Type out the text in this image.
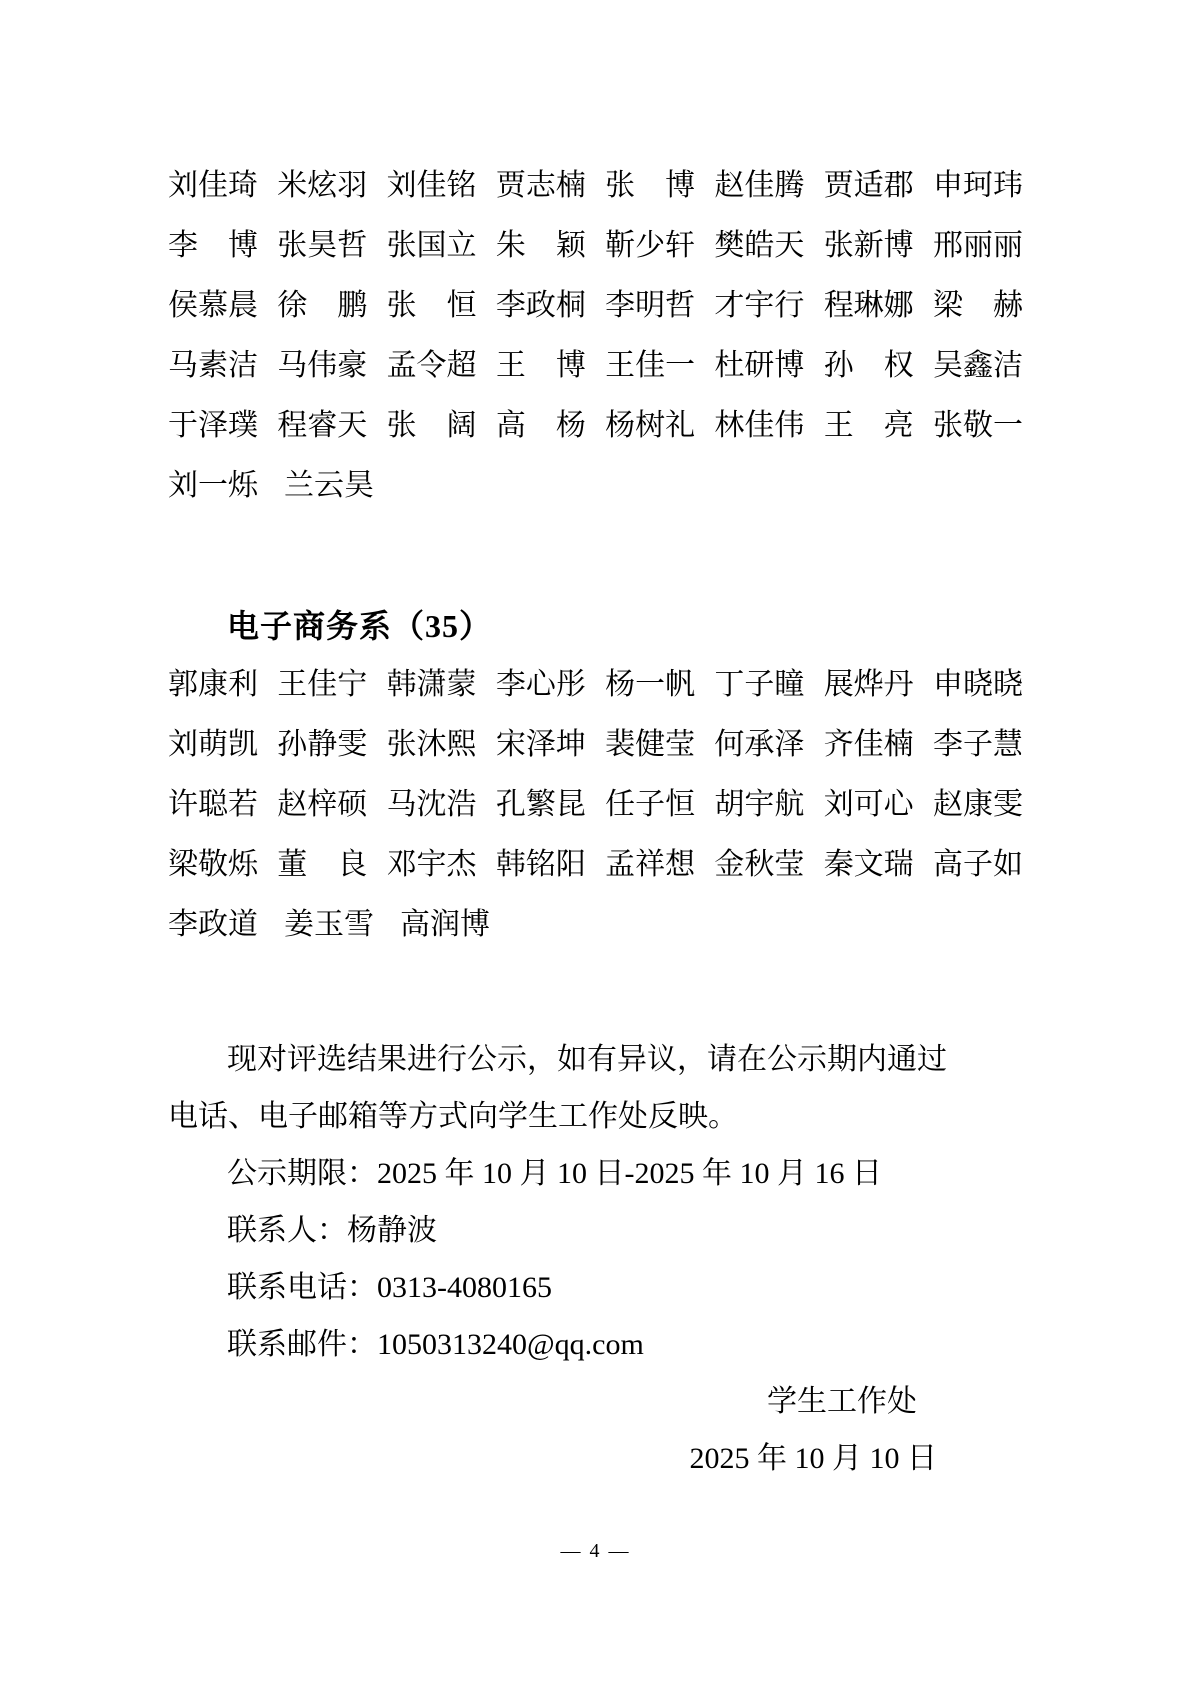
刘佳琦 米炫羽 刘佳铭 贾志楠 张　博 赵佳腾 贾适郡 申珂玮
李　博 张昊哲 张国立 朱　颖 靳少轩 樊皓天 张新博 邢丽丽
侯慕晨 徐　鹏 张　恒 李政桐 李明哲 才宇行 程琳娜 梁　赫
马素洁 马伟豪 孟令超 王　博 王佳一 杜研博 孙　权 吴鑫洁
于泽璞 程睿天 张　阔 高　杨 杨树礼 林佳伟 王　亮 张敬一
刘一烁 兰云昊
电子商务系（35）
郭康利 王佳宁 韩潇蒙 李心彤 杨一帆 丁子瞳 展烨丹 申晓晓
刘萌凯 孙静雯 张沐熙 宋泽坤 裴健莹 何承泽 齐佳楠 李子慧
许聪若 赵梓硕 马沈浩 孔繁昆 任子恒 胡宇航 刘可心 赵康雯
梁敬烁 董　良 邓宇杰 韩铭阳 孟祥想 金秋莹 秦文瑞 高子如
李政道 姜玉雪 高润博
现对评选结果进行公示，如有异议，请在公示期内通过
电话、电子邮箱等方式向学生工作处反映。
公示期限：2025 年 10 月 10 日-2025 年 10 月 16 日
联系人：杨静波
联系电话：0313-4080165
联系邮件：1050313240@qq.com
学生工作处
2025 年 10 月 10 日
— 4 —
